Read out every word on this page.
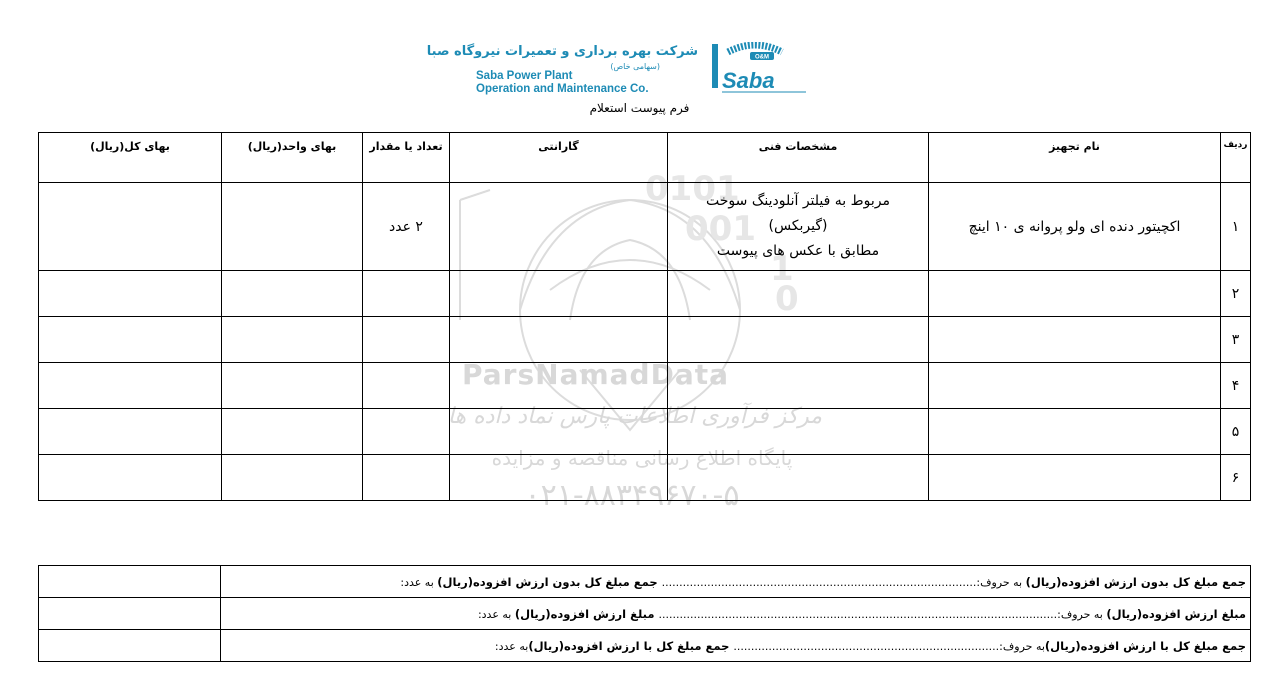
شرکت بهره برداری و تعمیرات نیروگاه صبا
(سهامی خاص)
Saba Power Plant
Operation and Maintenance Co.
O&M
Saba
فرم پیوست استعلام
0101
001
1
0
ParsNamadData
مرکز فرآوری اطلاعات پارس نماد داده ها
پایگاه اطلاع رسانی مناقصه و مزایده
۰۲۱-۸۸۳۴۹۶۷۰-۵
ردیف	نام تجهیز	مشخصات فنی	گارانتی	تعداد یا مقدار	بهای واحد(ریال)	بهای کل(ریال)
۱	اکچیتور دنده ای ولو پروانه ی ۱۰ اینچ	مربوط به فیلتر آنلودینگ سوخت
(گیربکس)
مطابق با عکس های پیوست		۲ عدد		
۲						
۳						
۴						
۵						
۶						
جمع مبلغ کل بدون ارزش افزوده(ریال) به حروف:.......................................................................................... جمع مبلغ کل بدون ارزش افزوده(ریال) به عدد:	
مبلغ ارزش افزوده(ریال) به حروف:.................................................................................................................. مبلغ ارزش افزوده(ریال) به عدد:	
جمع مبلغ کل با ارزش افزوده(ریال)به حروف:............................................................................ جمع مبلغ کل با ارزش افزوده(ریال)به عدد:	
